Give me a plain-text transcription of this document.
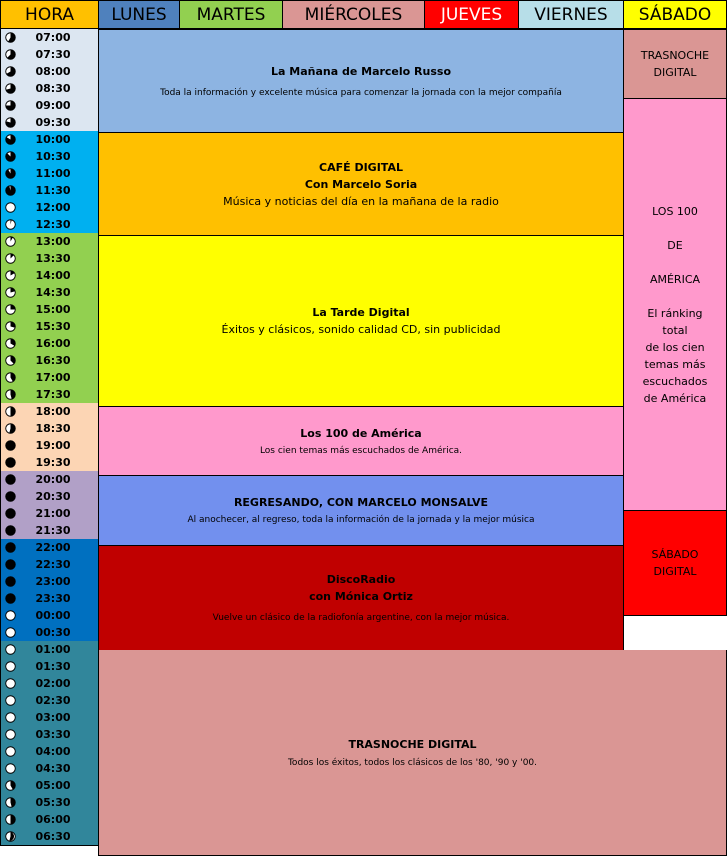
HORA LUNES MARTES MIÉRCOLES JUEVES VIERNES SÁBADO
07:00
07:30
08:00
08:30
09:00
09:30
10:00
10:30
11:00
11:30
12:00
12:30
13:00
13:30
14:00
14:30
15:00
15:30
16:00
16:30
17:00
17:30
18:00
18:30
19:00
19:30
20:00
20:30
21:00
21:30
22:00
22:30
23:00
23:30
00:00
00:30
01:00
01:30
02:00
02:30
03:00
03:30
04:00
04:30
05:00
05:30
06:00
06:30
La Mañana de Marcelo Russo
Toda la información y excelente música para comenzar la jornada con la mejor compañía
CAFÉ DIGITAL
Con Marcelo Soria
Música y noticias del día en la mañana de la radio
La Tarde Digital
Éxitos y clásicos, sonido calidad CD, sin publicidad
Los 100 de América
Los cien temas más escuchados de América.
REGRESANDO, CON MARCELO MONSALVE
Al anochecer, al regreso, toda la información de la jornada y la mejor música
DiscoRadio
con Mónica Ortiz
Vuelve un clásico de la radiofonía argentine, con la mejor música.
TRASNOCHE DIGITAL
Todos los éxitos, todos los clásicos de los '80, '90 y '00.
TRASNOCHE
DIGITAL
LOS 100
DE
AMÉRICA
El ránking
total
de los cien
temas más
escuchados
de América
SÁBADO
DIGITAL
